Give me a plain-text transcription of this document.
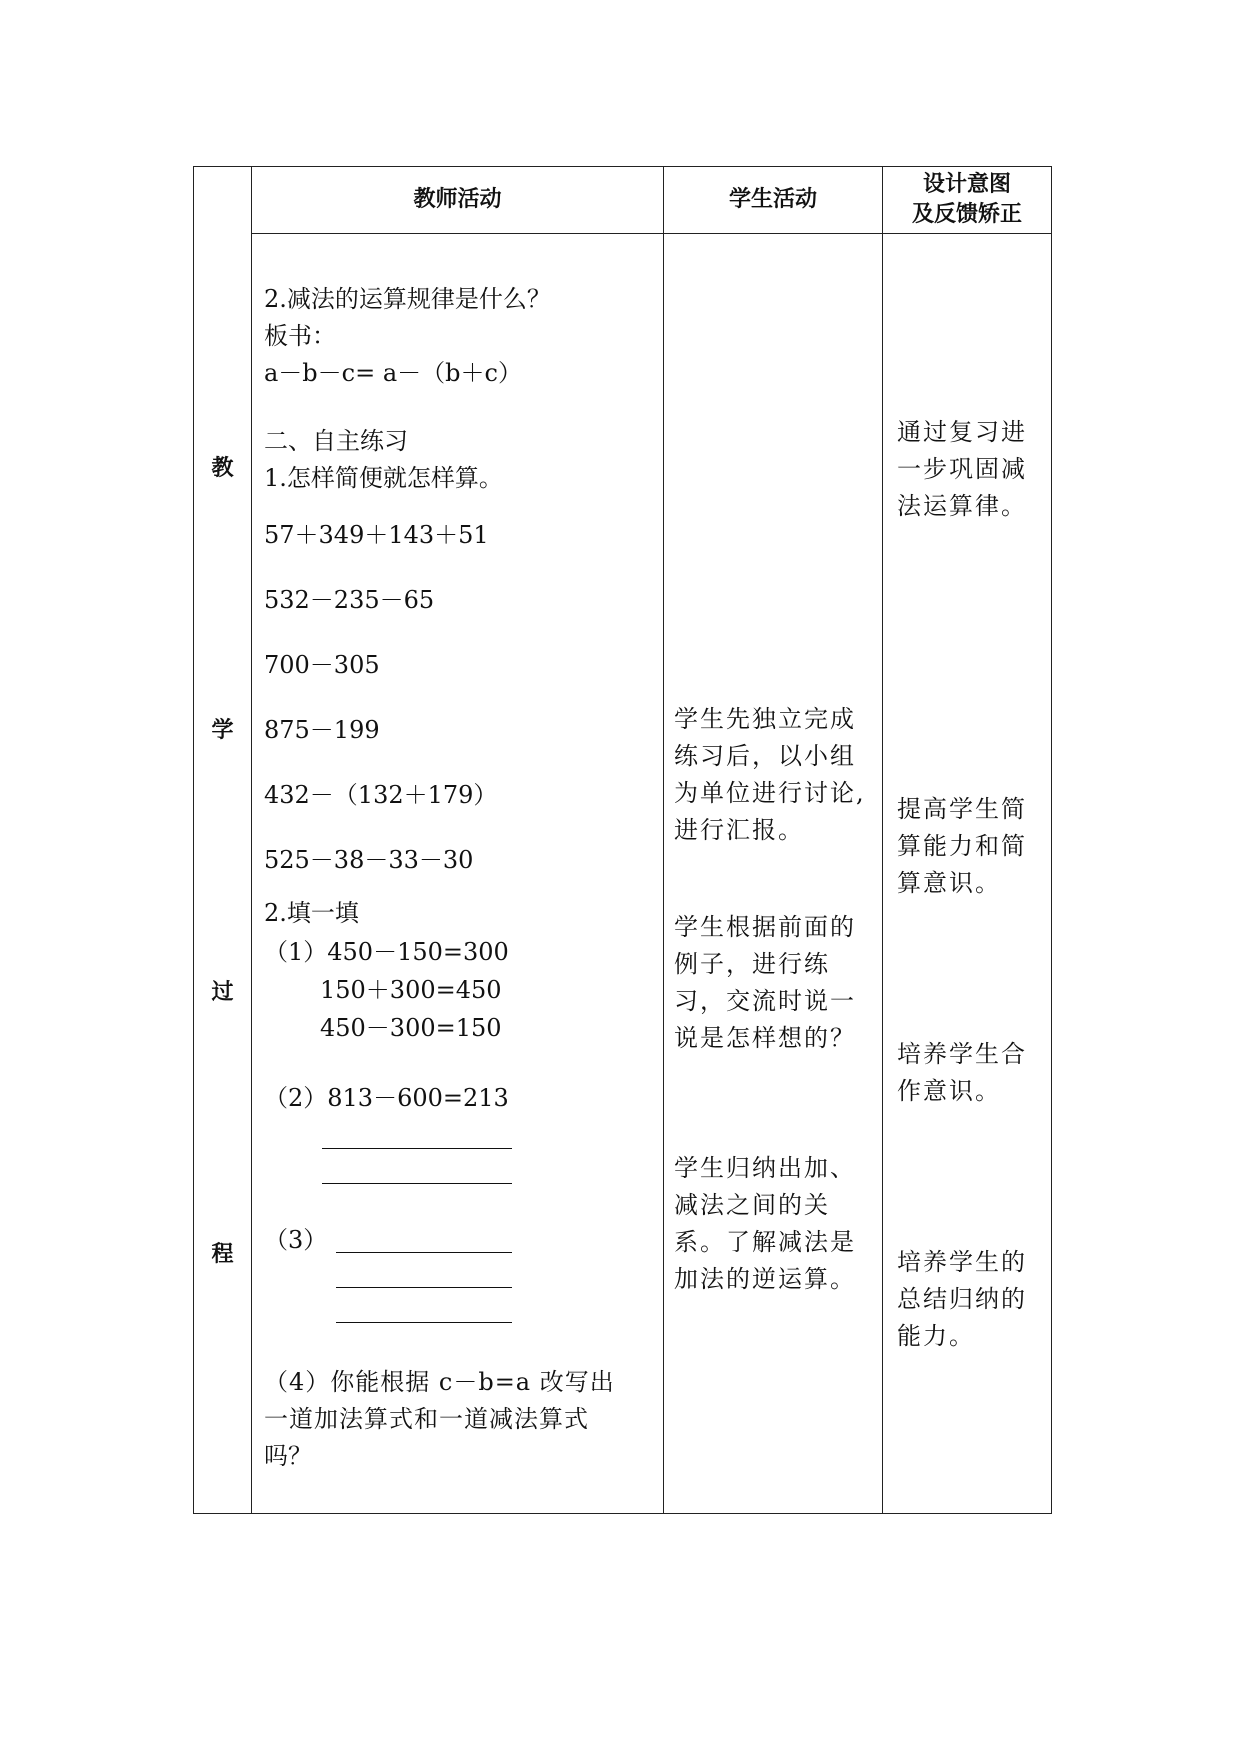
教师活动	学生活动
设计意图
及反馈矫正
教
学
过
程
2.减法的运算规律是什么？
板书：
a－b－c= a－（b＋c）
二、自主练习
1.怎样简便就怎样算。
57＋349＋143＋51
532－235－65
700－305
875－199
432－（132＋179）
525－38－33－30
2.填一填
（1）450－150=300
150＋300=450
450－300=150
（2）813－600=213
（3）
（4）你能根据 c－b=a 改写出
一道加法算式和一道减法算式
吗？
学生先独立完成练习后，以小组为单位进行讨论,进行汇报。
学生根据前面的例子，进行练习，交流时说一说是怎样想的？
学生归纳出加、减法之间的关系。了解减法是加法的逆运算。
通过复习进一步巩固减法运算律。
提高学生简算能力和简算意识。
培养学生合作意识。
培养学生的总结归纳的能力。
